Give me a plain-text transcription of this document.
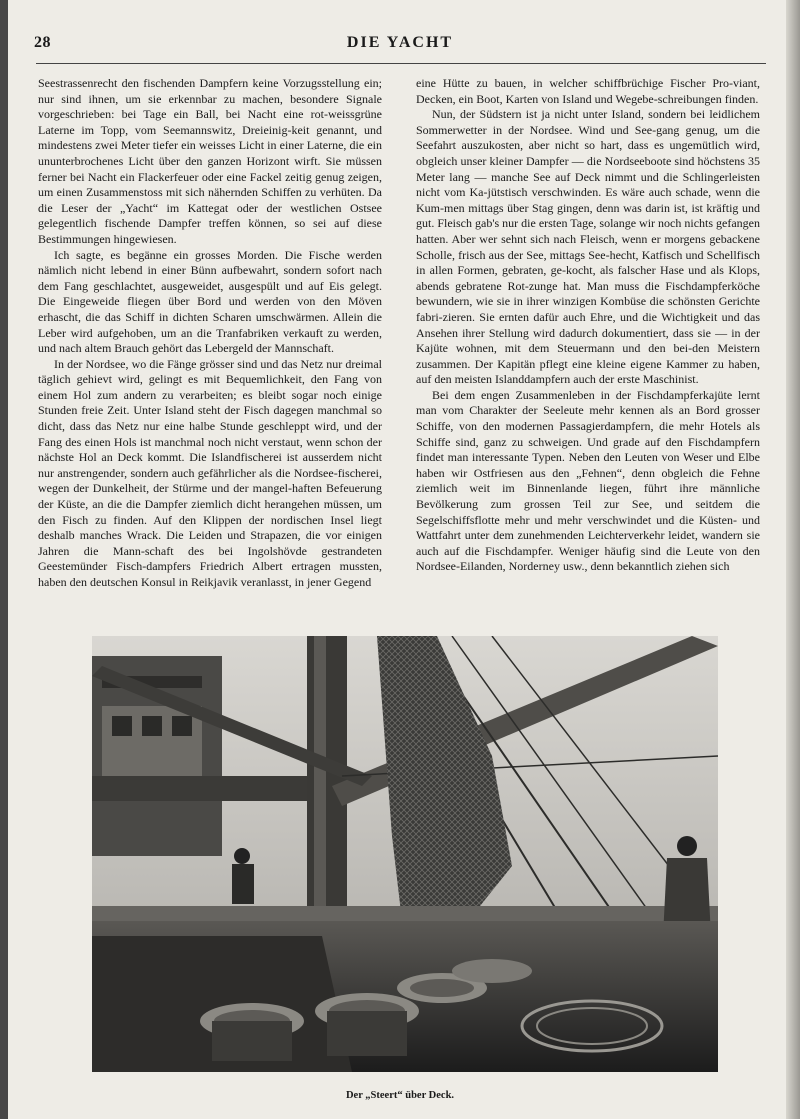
28	DIE YACHT

Seestrassenrecht den fischenden Dampfern keine Vorzugsstellung ein; nur sind ihnen, um sie erkennbar zu machen, besondere Signale vorgeschrieben: bei Tage ein Ball, bei Nacht eine rot-weissgrüne Laterne im Topp, vom Seemannswitz, Dreieinig-keit genannt, und mindestens zwei Meter tiefer ein weisses Licht in einer Laterne, die ein ununterbrochenes Licht über den ganzen Horizont wirft. Sie müssen ferner bei Nacht ein Flackerfeuer oder eine Fackel zeitig genug zeigen, um einen Zusammenstoss mit sich nähernden Schiffen zu verhüten. Da die Leser der „Yacht“ im Kattegat oder der westlichen Ostsee gelegentlich fischende Dampfer treffen können, so sei auf diese Bestimmungen hingewiesen.

Ich sagte, es begänne ein grosses Morden. Die Fische werden nämlich nicht lebend in einer Bünn aufbewahrt, sondern sofort nach dem Fang geschlachtet, ausgeweidet, ausgespült und auf Eis gelegt. Die Eingeweide fliegen über Bord und werden von den Möven erhascht, die das Schiff in dichten Scharen umschwärmen. Allein die Leber wird aufgehoben, um an die Tranfabriken verkauft zu werden, und nach altem Brauch gehört das Lebergeld der Mannschaft.

In der Nordsee, wo die Fänge grösser sind und das Netz nur dreimal täglich gehievt wird, gelingt es mit Bequemlichkeit, den Fang von einem Hol zum andern zu verarbeiten; es bleibt sogar noch einige Stunden freie Zeit. Unter Island steht der Fisch dagegen manchmal so dicht, dass das Netz nur eine halbe Stunde geschleppt wird, und der Fang des einen Hols ist manchmal noch nicht verstaut, wenn schon der nächste Hol an Deck kommt. Die Islandfischerei ist ausserdem nicht nur anstrengender, sondern auch gefährlicher als die Nordsee-fischerei, wegen der Dunkelheit, der Stürme und der mangel-haften Befeuerung der Küste, an die die Dampfer ziemlich dicht herangehen müssen, um den Fisch zu finden. Auf den Klippen der nordischen Insel liegt deshalb manches Wrack. Die Leiden und Strapazen, die vor einigen Jahren die Mann-schaft des bei Ingolshövde gestrandeten Geestemünder Fisch-dampfers Friedrich Albert ertragen mussten, haben den deutschen Konsul in Reikjavik veranlasst, in jener Gegend

eine Hütte zu bauen, in welcher schiffbrüchige Fischer Pro-viant, Decken, ein Boot, Karten von Island und Wegebe-schreibungen finden.

Nun, der Südstern ist ja nicht unter Island, sondern bei leidlichem Sommerwetter in der Nordsee. Wind und See-gang genug, um die Seefahrt auszukosten, aber nicht so hart, dass es ungemütlich wird, obgleich unser kleiner Dampfer — die Nordseeboote sind höchstens 35 Meter lang — manche See auf Deck nimmt und die Schlingerleisten nicht vom Ka-jütstisch verschwinden. Es wäre auch schade, wenn die Kum-men mittags über Stag gingen, denn was darin ist, ist kräftig und gut. Fleisch gab's nur die ersten Tage, solange wir noch nichts gefangen hatten. Aber wer sehnt sich nach Fleisch, wenn er morgens gebackene Scholle, frisch aus der See, mittags See-hecht, Katfisch und Schellfisch in allen Formen, gebraten, ge-kocht, als falscher Hase und als Klops, abends gebratene Rot-zunge hat. Man muss die Fischdampferköche bewundern, wie sie in ihrer winzigen Kombüse die schönsten Gerichte fabri-zieren. Sie ernten dafür auch Ehre, und die Wichtigkeit und das Ansehen ihrer Stellung wird dadurch dokumentiert, dass sie — in der Kajüte wohnen, mit dem Steuermann und den bei-den Meistern zusammen. Der Kapitän pflegt eine kleine eigene Kammer zu haben, auf den meisten Islanddampfern auch der erste Maschinist.

Bei dem engen Zusammenleben in der Fischdampferkajüte lernt man vom Charakter der Seeleute mehr kennen als an Bord grosser Schiffe, von den modernen Passagierdampfern, die mehr Hotels als Schiffe sind, ganz zu schweigen. Und grade auf den Fischdampfern findet man interessante Typen. Neben den Leuten von Weser und Elbe haben wir Ostfriesen aus den „Fehnen“, denn obgleich die Fehne ziemlich weit im Binnenlande liegen, führt ihre männliche Bevölkerung zum grossen Teil zur See, und seitdem die Segelschiffsflotte mehr und mehr verschwindet und die Küsten- und Wattfahrt unter dem zunehmenden Leichterverkehr leidet, wandern sie auch auf die Fischdampfer. Weniger häufig sind die Leute von den Nordsee-Eilanden, Norderney usw., denn bekanntlich ziehen sich

Der „Steert“ über Deck.
